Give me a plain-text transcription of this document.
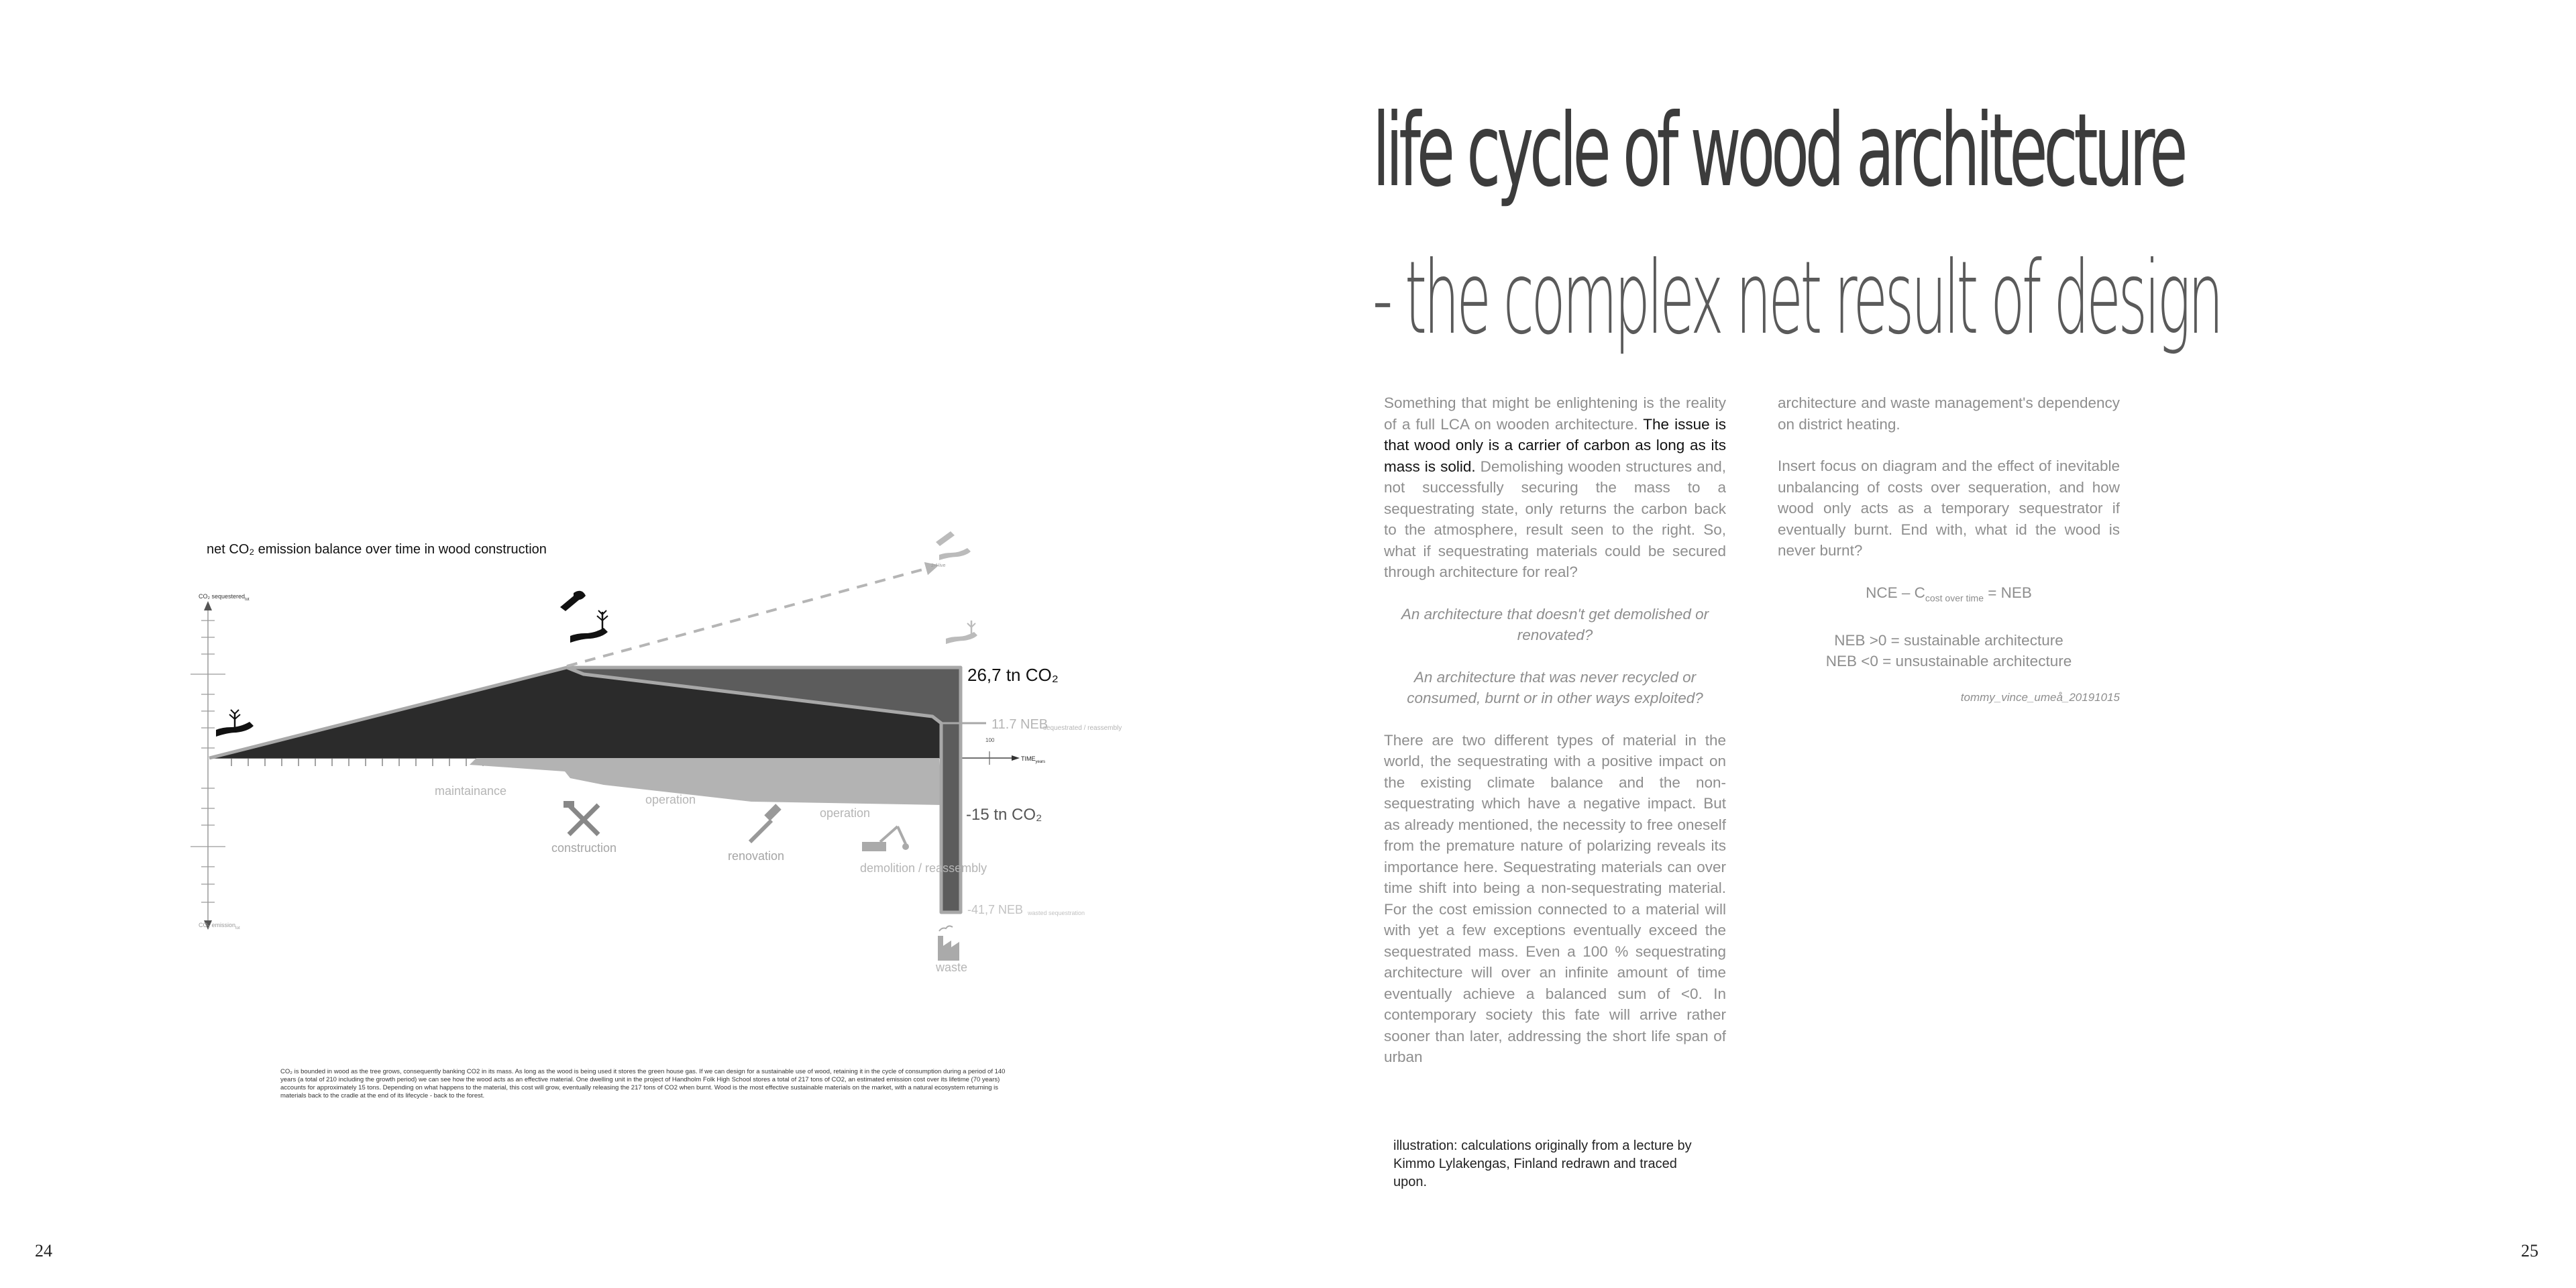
24	25
life cycle of wood architecture
- the complex net result of design

Something that might be enlightening is the reality of a full LCA on wooden architecture. The issue is that wood only is a carrier of carbon as long as its mass is solid. Demolishing wooden structures and, not successfully securing the mass to a sequestrating state, only returns the carbon back to the atmosphere, result seen to the right. So, what if sequestrating materials could be secured through architecture for real?

An architecture that doesn't get demolished or renovated?

An architecture that was never recycled or consumed, burnt or in other ways exploited?

There are two different types of material in the world, the sequestrating with a positive impact on the existing climate balance and the non-sequestrating which have a negative impact. But as already mentioned, the necessity to free oneself from the premature nature of polarizing reveals its importance here. Sequestrating materials can over time shift into being a non-sequestrating material. For the cost emission connected to a material will with yet a few exceptions eventually exceed the sequestrated mass. Even a 100 % sequestrating architecture will over an infinite amount of time eventually achieve a balanced sum of <0. In contemporary society this fate will arrive rather sooner than later, addressing the short life span of urban

architecture and waste management's dependency on district heating.

Insert focus on diagram and the effect of inevitable unbalancing of costs over sequeration, and how wood only acts as a temporary sequestrator if eventually burnt. End with, what id the wood is never burnt?

NCE – $C_{cost over time}$ = NEB

NEB >0 = sustainable architecture
NEB <0 = unsustainable architecture
tommy_vince_umeå_20191015
illustration: calculations originally from a lecture by Kimmo Lylakengas, Finland redrawn and traced upon.
net CO₂ emission balance over time in wood construction
CO₂ sequestered$_{tot}$
CO₂ emission$_{tot}$
100
$TIME_{years}$
26,7 tn CO₂
11.7 NEB
sequestrated / reassembly
-15 tn CO₂
-41,7 NEB wasted sequestration
2ⁿᵈ live
maintainance
operation
construction
renovation
operation
demolition / reassembly
waste
CO₂ is bounded in wood as the tree grows, consequently banking CO2 in its mass. As long as the wood is being used it stores the green house gas. If we can design for a sustainable use of wood, retaining it in the cycle of consumption during a period of 140 years (a total of 210 including the growth period) we can see how the wood acts as an effective material. One dwelling unit in the project of Handholm Folk High School stores a total of 217 tons of CO2, an estimated emission cost over its lifetime (70 years) accounts for approximately 15 tons. Depending on what happens to the material, this cost will grow, eventually releasing the 217 tons of CO2 when burnt. Wood is the most effective sustainable materials on the market, with a natural ecosystem returning is materials back to the cradle at the end of its lifecycle - back to the forest.
